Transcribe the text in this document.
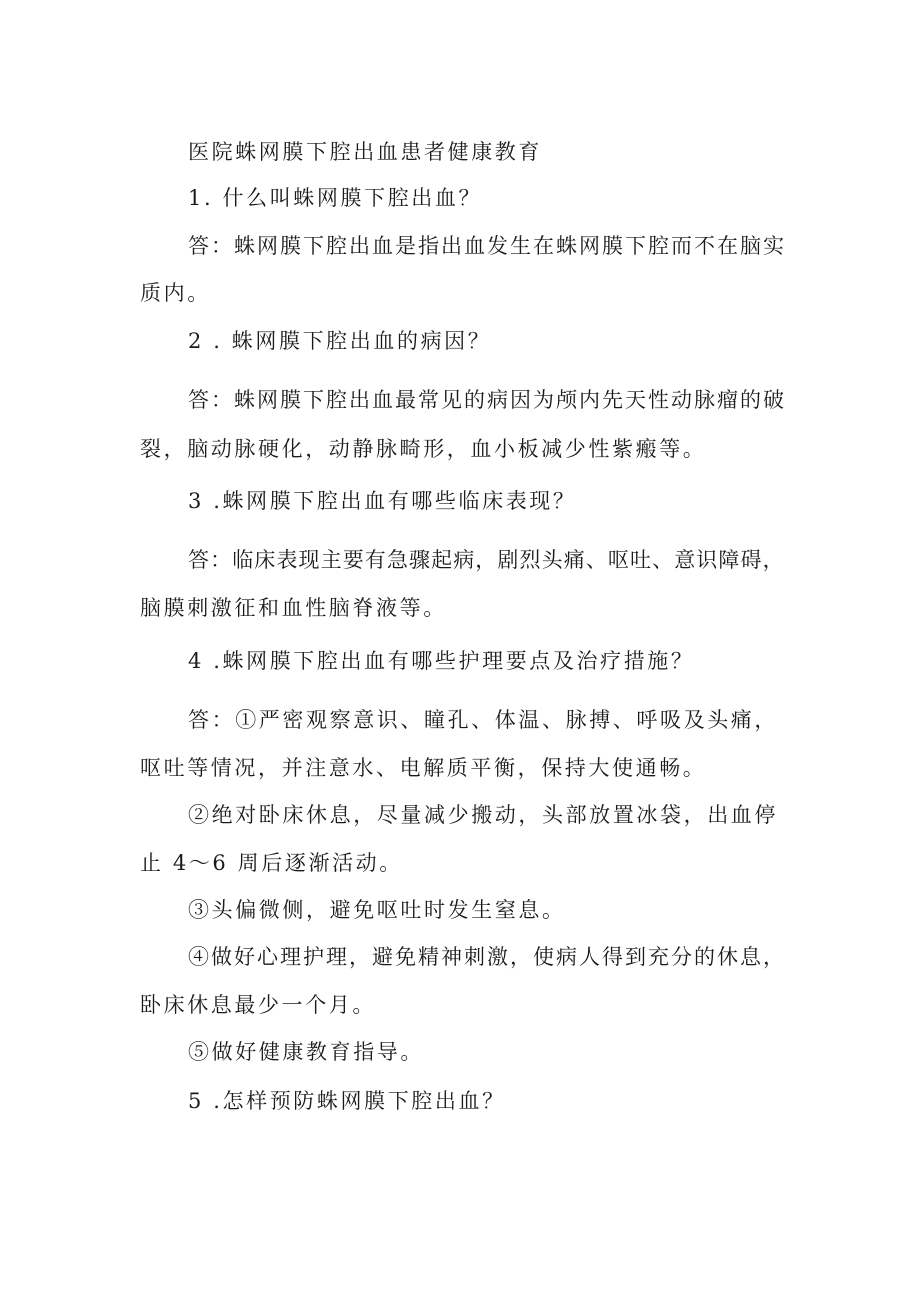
医院蛛网膜下腔出血患者健康教育

1. 什么叫蛛网膜下腔出血？

答：蛛网膜下腔出血是指出血发生在蛛网膜下腔而不在脑实

质内。

2 . 蛛网膜下腔出血的病因？

答：蛛网膜下腔出血最常见的病因为颅内先天性动脉瘤的破

裂，脑动脉硬化，动静脉畸形，血小板减少性紫瘢等。

3 .蛛网膜下腔出血有哪些临床表现？

答：临床表现主要有急骤起病，剧烈头痛、呕吐、意识障碍，

脑膜刺激征和血性脑脊液等。

4 .蛛网膜下腔出血有哪些护理要点及治疗措施？

答：①严密观察意识、瞳孔、体温、脉搏、呼吸及头痛，

呕吐等情况，并注意水、电解质平衡，保持大使通畅。

②绝对卧床休息，尽量减少搬动，头部放置冰袋，出血停

止 4～6 周后逐渐活动。

③头偏微侧，避免呕吐时发生窒息。

④做好心理护理，避免精神刺激，使病人得到充分的休息，

卧床休息最少一个月。

⑤做好健康教育指导。

5 .怎样预防蛛网膜下腔出血？
